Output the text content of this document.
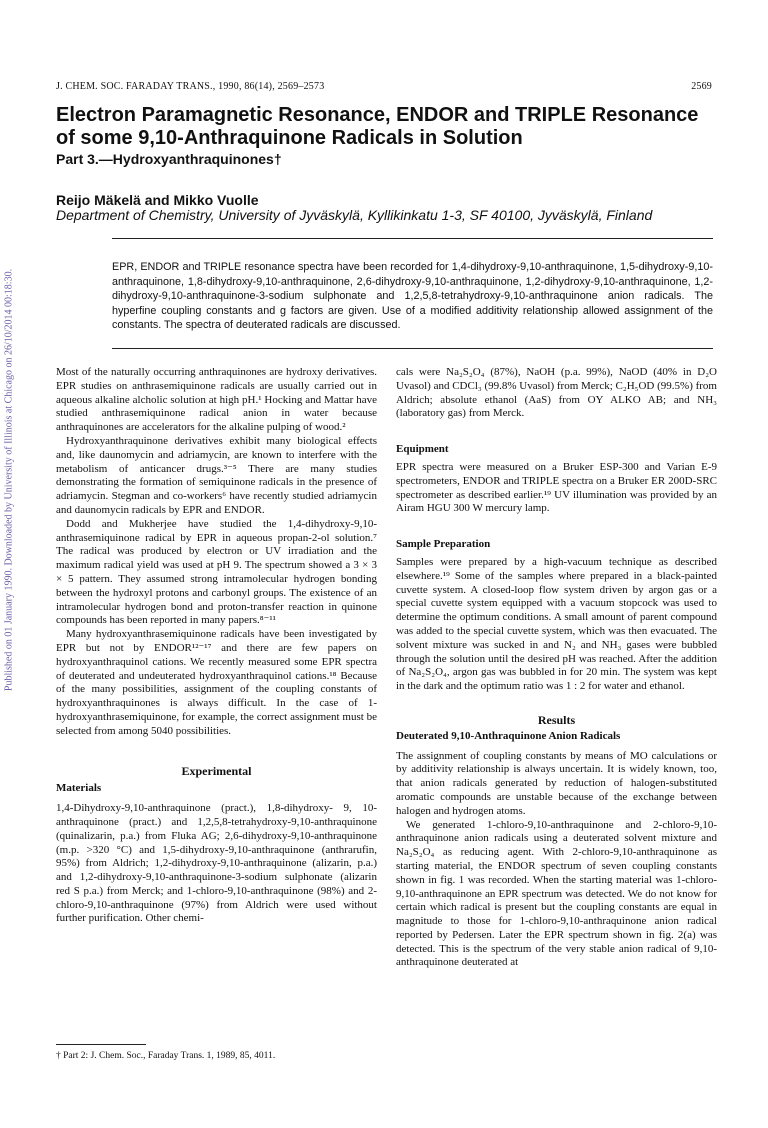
Published on 01 January 1990. Downloaded by University of Illinois at Chicago on 26/10/2014 00:18:30.
J. CHEM. SOC. FARADAY TRANS., 1990, 86(14), 2569–2573	2569
Electron Paramagnetic Resonance, ENDOR and TRIPLE Resonance of some 9,10-Anthraquinone Radicals in Solution
Part 3.—Hydroxyanthraquinones†

Reijo Mäkelä and Mikko Vuolle

Department of Chemistry, University of Jyväskylä, Kyllikinkatu 1-3, SF 40100, Jyväskylä, Finland

EPR, ENDOR and TRIPLE resonance spectra have been recorded for 1,4-dihydroxy-9,10-anthraquinone, 1,5-dihydroxy-9,10-anthraquinone, 1,8-dihydroxy-9,10-anthraquinone, 2,6-dihydroxy-9,10-anthraquinone, 1,2-dihydroxy-9,10-anthraquinone, 1,2-dihydroxy-9,10-anthraquinone-3-sodium sulphonate and 1,2,5,8-tetrahydroxy-9,10-anthraquinone anion radicals. The hyperfine coupling constants and g factors are given. Use of a modified additivity relationship allowed assignment of the constants. The spectra of deuterated radicals are discussed.

Most of the naturally occurring anthraquinones are hydroxy derivatives. EPR studies on anthrasemiquinone radicals are usually carried out in aqueous alkaline alcholic solution at high pH.¹ Hocking and Mattar have studied anthrasemiquinone radical anion in water because anthraquinones are accelerators for the alkaline pulping of wood.²

Hydroxyanthraquinone derivatives exhibit many biological effects and, like daunomycin and adriamycin, are known to interfere with the metabolism of anticancer drugs.³⁻⁵ There are many studies demonstrating the formation of semiquinone radicals in the presence of adriamycin. Stegman and co-workers⁶ have recently studied adriamycin and daunomycin radicals by EPR and ENDOR.

Dodd and Mukherjee have studied the 1,4-dihydroxy-9,10-anthrasemiquinone radical by EPR in aqueous propan-2-ol solution.⁷ The radical was produced by electron or UV irradiation and the maximum radical yield was used at pH 9. The spectrum showed a 3 × 3 × 5 pattern. They assumed strong intramolecular hydrogen bonding between the hydroxyl protons and carbonyl groups. The existence of an intramolecular hydrogen bond and proton-transfer reaction in quinone compounds has been reported in many papers.⁸⁻¹¹

Many hydroxyanthrasemiquinone radicals have been investigated by EPR but not by ENDOR¹²⁻¹⁷ and there are few papers on hydroxyanthraquinol cations. We recently measured some EPR spectra of deuterated and undeuterated hydroxyanthraquinol cations.¹⁸ Because of the many possibilities, assignment of the coupling constants of hydroxyanthraquinones is always difficult. In the case of 1-hydroxyanthrasemiquinone, for example, the correct assignment must be selected from among 5040 possibilities.

Experimental
Materials

1,4-Dihydroxy-9,10-anthraquinone (pract.), 1,8-dihydroxy- 9, 10-anthraquinone (pract.) and 1,2,5,8-tetrahydroxy-9,10-anthraquinone (quinalizarin, p.a.) from Fluka AG; 2,6-dihydroxy-9,10-anthraquinone (m.p. >320 °C) and 1,5-dihydroxy-9,10-anthraquinone (anthrarufin, 95%) from Aldrich; 1,2-dihydroxy-9,10-anthraquinone (alizarin, p.a.) and 1,2-dihydroxy-9,10-anthraquinone-3-sodium sulphonate (alizarin red S p.a.) from Merck; and 1-chloro-9,10-anthraquinone (98%) and 2-chloro-9,10-anthraquinone (97%) from Aldrich were used without further purification. Other chemi-

cals were Na₂S₂O₄ (87%), NaOH (p.a. 99%), NaOD (40% in D₂O Uvasol) and CDCl₃ (99.8% Uvasol) from Merck; C₂H₅OD (99.5%) from Aldrich; absolute ethanol (AaS) from OY ALKO AB; and NH₃ (laboratory gas) from Merck.

Equipment

EPR spectra were measured on a Bruker ESP-300 and Varian E-9 spectrometers, ENDOR and TRIPLE spectra on a Bruker ER 200D-SRC spectrometer as described earlier.¹⁹ UV illumination was provided by an Airam HGU 300 W mercury lamp.

Sample Preparation

Samples were prepared by a high-vacuum technique as described elsewhere.¹⁹ Some of the samples where prepared in a black-painted cuvette system. A closed-loop flow system driven by argon gas or a special cuvette system equipped with a vacuum stopcock was used to determine the optimum conditions. A small amount of parent compound was added to the special cuvette system, which was then evacuated. The solvent mixture was sucked in and N₂ and NH₃ gases were bubbled through the solution until the desired pH was reached. After the addition of Na₂S₂O₄, argon gas was bubbled in for 20 min. The system was kept in the dark and the optimum ratio was 1 : 2 for water and ethanol.

Results
Deuterated 9,10-Anthraquinone Anion Radicals

The assignment of coupling constants by means of MO calculations or by additivity relationship is always uncertain. It is widely known, too, that anion radicals generated by reduction of halogen-substituted aromatic compounds are unstable because of the exchange between halogen and hydrogen atoms.

We generated 1-chloro-9,10-anthraquinone and 2-chloro-9,10-anthraquinone anion radicals using a deuterated solvent mixture and Na₂S₂O₄ as reducing agent. With 2-chloro-9,10-anthraquinone as starting material, the ENDOR spectrum of seven coupling constants shown in fig. 1 was recorded. When the starting material was 1-chloro-9,10-anthraquinone an EPR spectrum was detected. We do not know for certain which radical is present but the coupling constants are equal in magnitude to those for 1-chloro-9,10-anthraquinone anion radical reported by Pedersen. Later the EPR spectrum shown in fig. 2(a) was detected. This is the spectrum of the very stable anion radical of 9,10-anthraquinone deuterated at

† Part 2: J. Chem. Soc., Faraday Trans. 1, 1989, 85, 4011.
